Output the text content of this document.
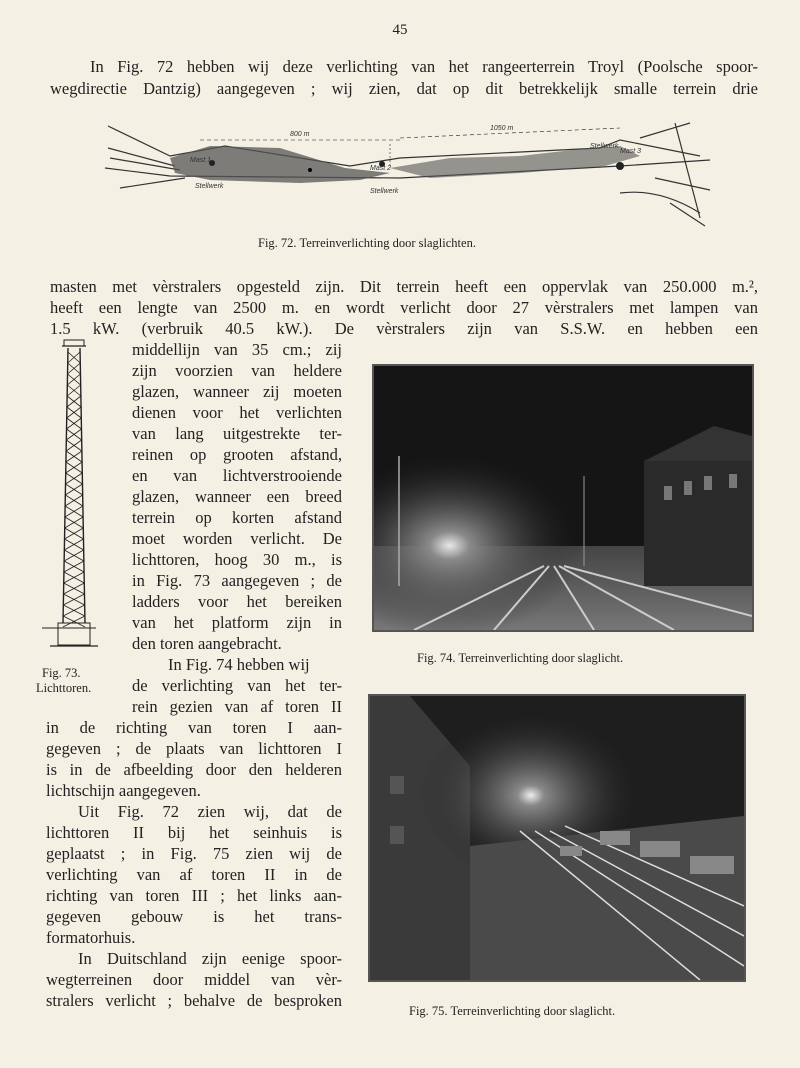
45
In Fig. 72 hebben wij deze verlichting van het rangeerterrein Troyl (Poolsche spoor-
wegdirectie Dantzig) aangegeven ; wij zien, dat op dit betrekkelijk smalle terrein drie
800 m
1050 m
Mast 1
Mast 2
Mast 3
Stellwerk
Stellwerk
Stellwerk
Fig. 72. Terreinverlichting door slaglichten.
masten met vèrstralers opgesteld zijn. Dit terrein heeft een oppervlak van 250.000 m.²,
heeft een lengte van 2500 m. en wordt verlicht door 27 vèrstralers met lampen van
1.5 kW. (verbruik 40.5 kW.). De vèrstralers zijn van S.S.W. en hebben een
Fig. 73.
Lichttoren.
middellijn van 35 cm.; zij
zijn voorzien van heldere
glazen, wanneer zij moeten
dienen voor het verlichten
van lang uitgestrekte ter-
reinen op grooten afstand,
en van lichtverstrooiende
glazen, wanneer een breed
terrein op korten afstand
moet worden verlicht. De
lichttoren, hoog 30 m., is
in Fig. 73 aangegeven ; de
ladders voor het bereiken
van het platform zijn in
den toren aangebracht.
In Fig. 74 hebben wij
de verlichting van het ter-
rein gezien van af toren II
in de richting van toren I aan-
gegeven ; de plaats van lichttoren I
is in de afbeelding door den helderen
lichtschijn aangegeven.
Uit Fig. 72 zien wij, dat de
lichttoren II bij het seinhuis is
geplaatst ; in Fig. 75 zien wij de
verlichting van af toren II in de
richting van toren III ; het links aan-
gegeven gebouw is het trans-
formatorhuis.
In Duitschland zijn eenige spoor-
wegterreinen door middel van vèr-
stralers verlicht ; behalve de besproken
Fig. 74. Terreinverlichting door slaglicht.
Fig. 75. Terreinverlichting door slaglicht.
